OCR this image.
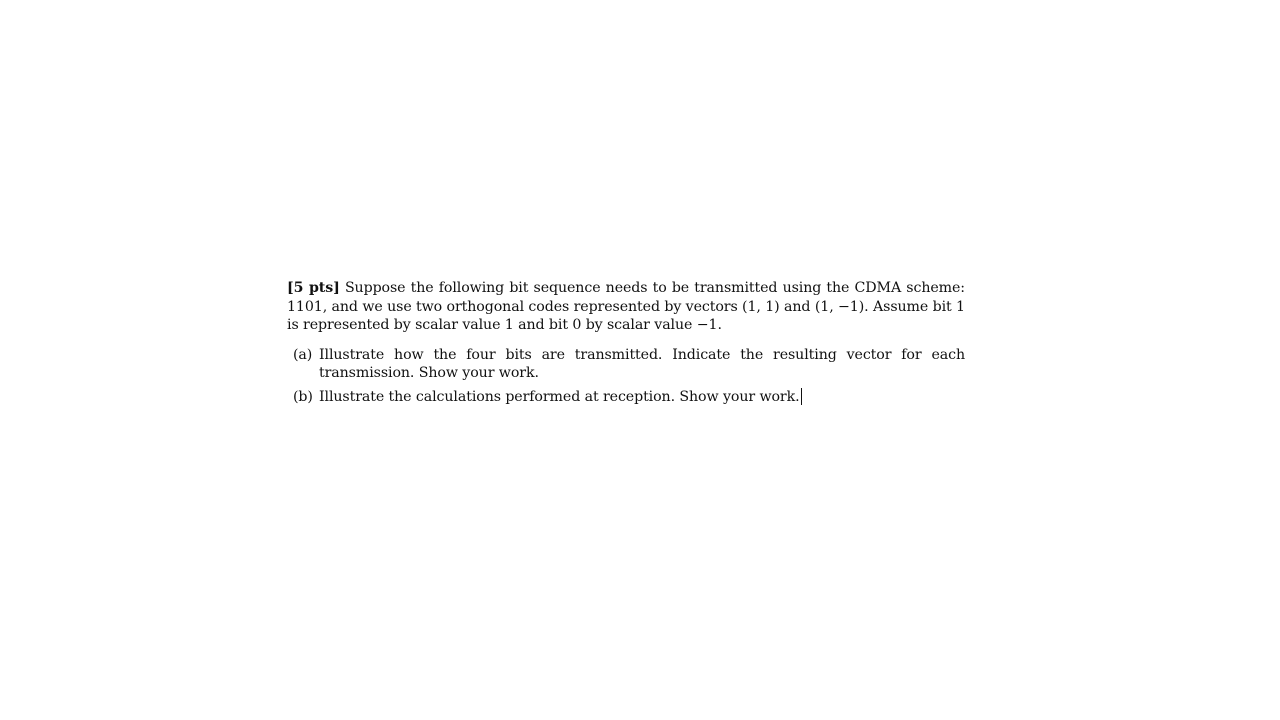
[5 pts] Suppose the following bit sequence needs to be transmitted using the CDMA scheme: 1101, and we use two orthogonal codes represented by vectors (1, 1) and (1, −1). Assume bit 1 is represented by scalar value 1 and bit 0 by scalar value −1.

(a) Illustrate how the four bits are transmitted. Indicate the resulting vector for each transmission. Show your work.
(b) Illustrate the calculations performed at reception. Show your work.
